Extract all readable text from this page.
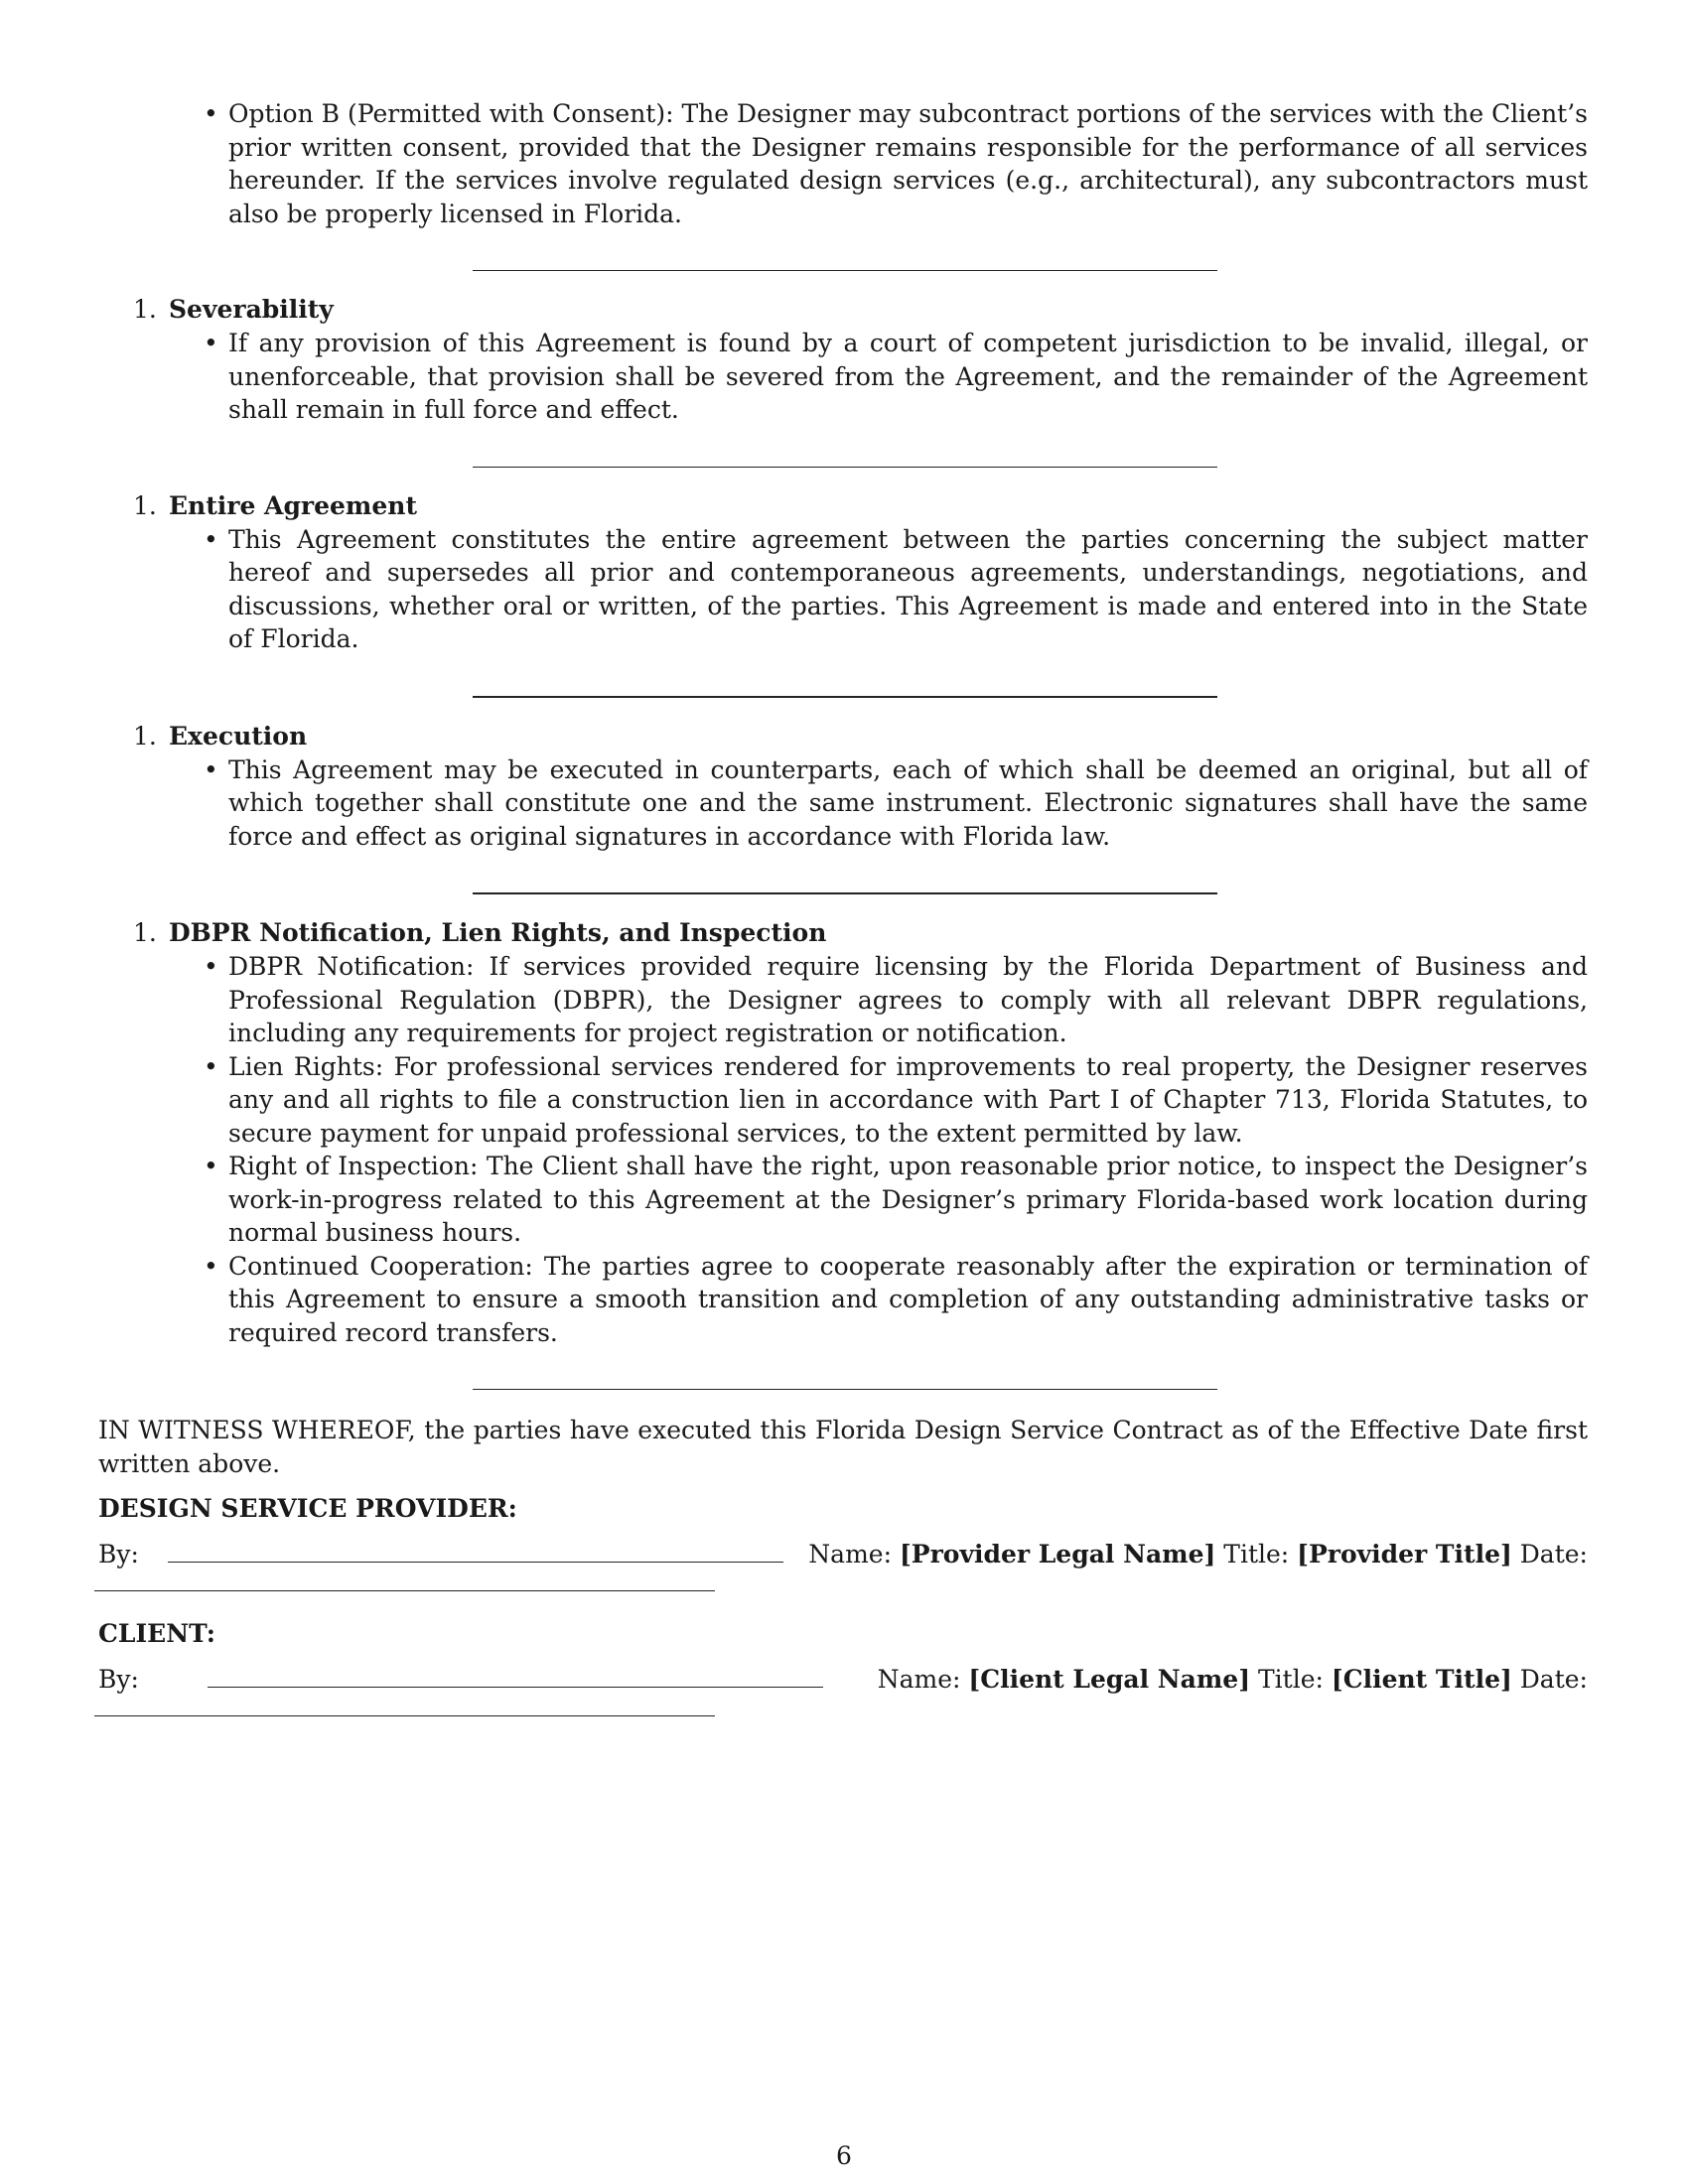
• Option B (Permitted with Consent): The Designer may subcontract portions of the services with the Client’s prior written consent, provided that the Designer remains responsible for the performance of all services hereunder. If the services involve regulated design services (e.g., architectural), any subcontractors must also be properly licensed in Florida.

1. Severability

• If any provision of this Agreement is found by a court of competent jurisdiction to be invalid, illegal, or unenforceable, that provision shall be severed from the Agreement, and the remainder of the Agreement shall remain in full force and effect.

1. Entire Agreement

• This Agreement constitutes the entire agreement between the parties concerning the subject matter hereof and supersedes all prior and contemporaneous agreements, understandings, negotiations, and discussions, whether oral or written, of the parties. This Agreement is made and entered into in the State of Florida.

1. Execution

• This Agreement may be executed in counterparts, each of which shall be deemed an original, but all of which together shall constitute one and the same instrument. Electronic signatures shall have the same force and effect as original signatures in accordance with Florida law.

1. DBPR Notification, Lien Rights, and Inspection

• DBPR Notification: If services provided require licensing by the Florida Department of Business and Professional Regulation (DBPR), the Designer agrees to comply with all relevant DBPR regulations, including any requirements for project registration or notification.

• Lien Rights: For professional services rendered for improvements to real property, the Designer reserves any and all rights to file a construction lien in accordance with Part I of Chapter 713, Florida Statutes, to secure payment for unpaid professional services, to the extent permitted by law.

• Right of Inspection: The Client shall have the right, upon reasonable prior notice, to inspect the Designer’s work-in-progress related to this Agreement at the Designer’s primary Florida-based work location during normal business hours.

• Continued Cooperation: The parties agree to cooperate reasonably after the expiration or termination of this Agreement to ensure a smooth transition and completion of any outstanding administrative tasks or required record transfers.

IN WITNESS WHEREOF, the parties have executed this Florida Design Service Contract as of the Effective Date first written above.
DESIGN SERVICE PROVIDER:
By:	Name: [Provider Legal Name] Title: [Provider Title] Date:
CLIENT:
By:	Name: [Client Legal Name] Title: [Client Title] Date:
6
